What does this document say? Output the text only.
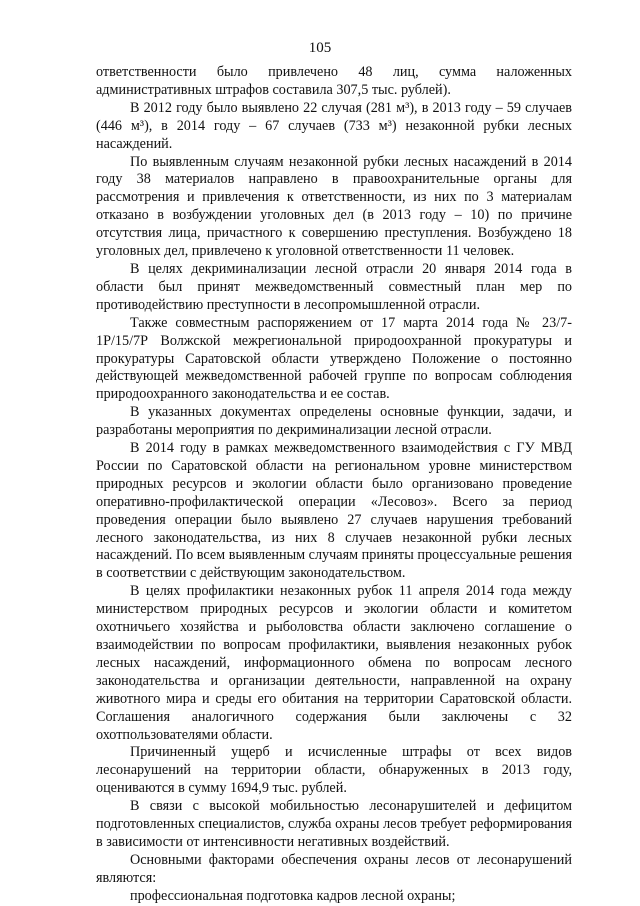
105

ответственности было привлечено 48 лиц, сумма наложенных административных штрафов составила 307,5 тыс. рублей).

В 2012 году было выявлено 22 случая (281 м³), в 2013 году – 59 случаев (446 м³), в 2014 году – 67 случаев (733 м³) незаконной рубки лесных насаждений.

По выявленным случаям незаконной рубки лесных насаждений в 2014 году 38 материалов направлено в правоохранительные органы для рассмотрения и привлечения к ответственности, из них по 3 материалам отказано в возбуждении уголовных дел (в 2013 году – 10) по причине отсутствия лица, причастного к совершению преступления. Возбуждено 18 уголовных дел, привлечено к уголовной ответственности 11 человек.

В целях декриминализации лесной отрасли 20 января 2014 года в области был принят межведомственный совместный план мер по противодействию преступности в лесопромышленной отрасли.

Также совместным распоряжением от 17 марта 2014 года № 23/7-1Р/15/7Р Волжской межрегиональной природоохранной прокуратуры и прокуратуры Саратовской области утверждено Положение о постоянно действующей межведомственной рабочей группе по вопросам соблюдения природоохранного законодательства и ее состав.

В указанных документах определены основные функции, задачи, и разработаны мероприятия по декриминализации лесной отрасли.

В 2014 году в рамках межведомственного взаимодействия с ГУ МВД России по Саратовской области на региональном уровне министерством природных ресурсов и экологии области было организовано проведение оперативно-профилактической операции «Лесовоз». Всего за период проведения операции было выявлено 27 случаев нарушения требований лесного законодательства, из них 8 случаев незаконной рубки лесных насаждений. По всем выявленным случаям приняты процессуальные решения в соответствии с действующим законодательством.

В целях профилактики незаконных рубок 11 апреля 2014 года между министерством природных ресурсов и экологии области и комитетом охотничьего хозяйства и рыболовства области заключено соглашение о взаимодействии по вопросам профилактики, выявления незаконных рубок лесных насаждений, информационного обмена по вопросам лесного законодательства и организации деятельности, направленной на охрану животного мира и среды его обитания на территории Саратовской области. Соглашения аналогичного содержания были заключены с 32 охотпользователями области.

Причиненный ущерб и исчисленные штрафы от всех видов лесонарушений на территории области, обнаруженных в 2013 году, оцениваются в сумму 1694,9 тыс. рублей.

В связи с высокой мобильностью лесонарушителей и дефицитом подготовленных специалистов, служба охраны лесов требует реформирования в зависимости от интенсивности негативных воздействий.

Основными факторами обеспечения охраны лесов от лесонарушений являются:

профессиональная подготовка кадров лесной охраны;
